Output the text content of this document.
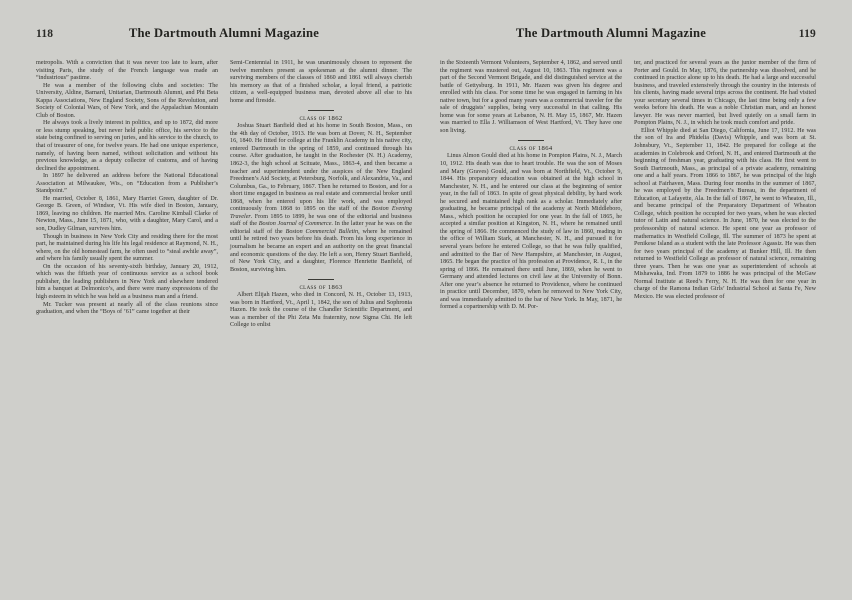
118	The Dartmouth Alumni Magazine

metropolis. With a conviction that it was never too late to learn, after visiting Paris, the study of the French language was made an “industrious” pastime.

He was a member of the following clubs and societies: The University, Aldine, Barnard, Unitarian, Dartmouth Alumni, and Phi Beta Kappa Associations, New England Society, Sons of the Revolution, and Society of Colonial Wars, of New York, and the Appalachian Mountain Club of Boston.

He always took a lively interest in politics, and up to 1872, did more or less stump speaking, but never held public office, his service to the state being confined to serving on juries, and his service to the church, to that of treasurer of one, for twelve years. He had one unique experience, namely, of having been named, without solicitation and without his previous knowledge, as a deputy collector of customs, and of having declined the appointment.

In 1897 he delivered an address before the National Educational Association at Milwaukee, Wis., on “Education from a Publisher’s Standpoint.”

He married, October 8, 1861, Mary Harriet Green, daughter of Dr. George B. Green, of Windsor, Vt. His wife died in Boston, January, 1869, leaving no children. He married Mrs. Caroline Kimball Clarke of Newton, Mass., June 15, 1871, who, with a daughter, Mary Carol, and a son, Dudley Gilman, survives him.

Though in business in New York City and residing there for the most part, he maintained during his life his legal residence at Raymond, N. H., where, on the old homestead farm, he often used to “steal awhile away”, and where his family usually spent the summer.

On the occasion of his seventy-sixth birthday, January 20, 1912, which was the fiftieth year of continuous service as a school book publisher, the leading publishers in New York and elsewhere tendered him a banquet at Delmonico’s, and there were many expressions of the high esteem in which he was held as a business man and a friend.

Mr. Tucker was present at nearly all of the class reunions since graduation, and when the “Boys of ’61” came together at their

Semi-Centennial in 1911, he was unanimously chosen to represent the twelve members present as spokesman at the alumni dinner. The surviving members of the classes of 1860 and 1861 will always cherish his memory as that of a finished scholar, a loyal friend, a patriotic citizen, a well-equipped business man, devoted above all else to his home and fireside.

class of 1862

Joshua Stuart Banfield died at his home in South Boston, Mass., on the 4th day of October, 1913. He was born at Dover, N. H., September 16, 1840. He fitted for college at the Franklin Academy in his native city, entered Dartmouth in the spring of 1859, and continued through his course. After graduation, he taught in the Rochester (N. H.) Academy, 1862-3, the high school at Scituate, Mass., 1863-4, and then became a teacher and superintendent under the auspices of the New England Freedmen’s Aid Society, at Petersburg, Norfolk, and Alexandria, Va., and Columbus, Ga., to February, 1867. Then he returned to Boston, and for a short time engaged in business as real estate and commercial broker until 1868, when he entered upon his life work, and was employed continuously from 1868 to 1895 on the staff of the Boston Evening Traveler. From 1895 to 1899, he was one of the editorial and business staff of the Boston Journal of Commerce. In the latter year he was on the editorial staff of the Boston Commercial Bulletin, where he remained until he retired two years before his death. From his long experience in journalism he became an expert and an authority on the great financial and economic questions of the day. He left a son, Henry Stuart Banfield, of New York City, and a daughter, Florence Henriette Banfield, of Boston, surviving him.

class of 1863

Albert Elijah Hazen, who died in Concord, N. H., October 13, 1913, was born in Hartford, Vt., April 1, 1842, the son of Julius and Sophronia Hazen. He took the course of the Chandler Scientific Department, and was a member of the Phi Zeta Mu fraternity, now Sigma Chi. He left College to enlist

The Dartmouth Alumni Magazine	119

in the Sixteenth Vermont Volunteers, September 4, 1862, and served until the regiment was mustered out, August 10, 1863. This regiment was a part of the Second Vermont Brigade, and did distinguished service at the battle of Gettysburg. In 1911, Mr. Hazen was given his degree and enrolled with his class. For some time he was engaged in farming in his native town, but for a good many years was a commercial traveler for the sale of druggists’ supplies, being very successful in that calling. His home was for some years at Lebanon, N. H. May 15, 1867, Mr. Hazen was married to Ella J. Williamson of West Hartford, Vt. They have one son living.

class of 1864

Linus Almon Gould died at his home in Pompton Plains, N. J., March 10, 1912. His death was due to heart trouble. He was the son of Moses and Mary (Graves) Gould, and was born at Northfield, Vt., October 9, 1844. His preparatory education was obtained at the high school in Manchester, N. H., and he entered our class at the beginning of senior year, in the fall of 1863. In spite of great physical debility, by hard work he secured and maintained high rank as a scholar. Immediately after graduating, he became principal of the academy at North Middleboro, Mass., which position he occupied for one year. In the fall of 1865, he accepted a similar position at Kingston, N. H., where he remained until the spring of 1866. He commenced the study of law in 1860, reading in the office of William Stark, at Manchester, N. H., and pursued it for several years before he entered College, so that he was fully qualified, and admitted to the Bar of New Hampshire, at Manchester, in August, 1865. He began the practice of his profession at Providence, R. I., in the spring of 1866. He remained there until June, 1869, when he went to Germany and attended lectures on civil law at the University of Bonn. After one year’s absence he returned to Providence, where he continued in practice until December, 1870, when he removed to New York City, and was immediately admitted to the bar of New York. In May, 1871, he formed a copartnership with D. M. Por-

ter, and practiced for several years as the junior member of the firm of Porter and Gould. In May, 1876, the partnership was dissolved, and he continued in practice alone up to his death. He had a large and successful business, and traveled extensively through the country in the interests of his clients, having made several trips across the continent. He had visited your secretary several times in Chicago, the last time being only a few weeks before his death. He was a noble Christian man, and an honest lawyer. He was never married, but lived quietly on a small farm in Pompton Plains, N. J., in which he took much comfort and pride.

Elliot Whipple died at San Diego, California, June 17, 1912. He was the son of Ira and Phidelia (Davis) Whipple, and was born at St. Johnsbury, Vt., September 11, 1842. He prepared for college at the academies in Colebrook and Orford, N. H., and entered Dartmouth at the beginning of freshman year, graduating with his class. He first went to South Dartmouth, Mass., as principal of a private academy, remaining one and a half years. From 1866 to 1867, he was principal of the high school at Fairhaven, Mass. During four months in the summer of 1867, he was employed by the Freedmen’s Bureau, in the department of Education, at Lafayette, Ala. In the fall of 1867, he went to Wheaton, Ill., and became principal of the Preparatory Department of Wheaton College, which position he occupied for two years, when he was elected tutor of Latin and natural science. In June, 1870, he was elected to the professorship of natural science. He spent one year as professor of mathematics in Westfield College, Ill. The summer of 1873 he spent at Penikese Island as a student with the late Professor Agassiz. He was then for two years principal of the academy at Bunker Hill, Ill. He then returned to Westfield College as professor of natural science, remaining three years. Then he was one year as superintendent of schools at Mishawaka, Ind. From 1879 to 1886 he was principal of the McGaw Normal Institute at Reed’s Ferry, N. H. He was then for one year in charge of the Ramona Indian Girls’ Industrial School at Santa Fe, New Mexico. He was elected professor of
